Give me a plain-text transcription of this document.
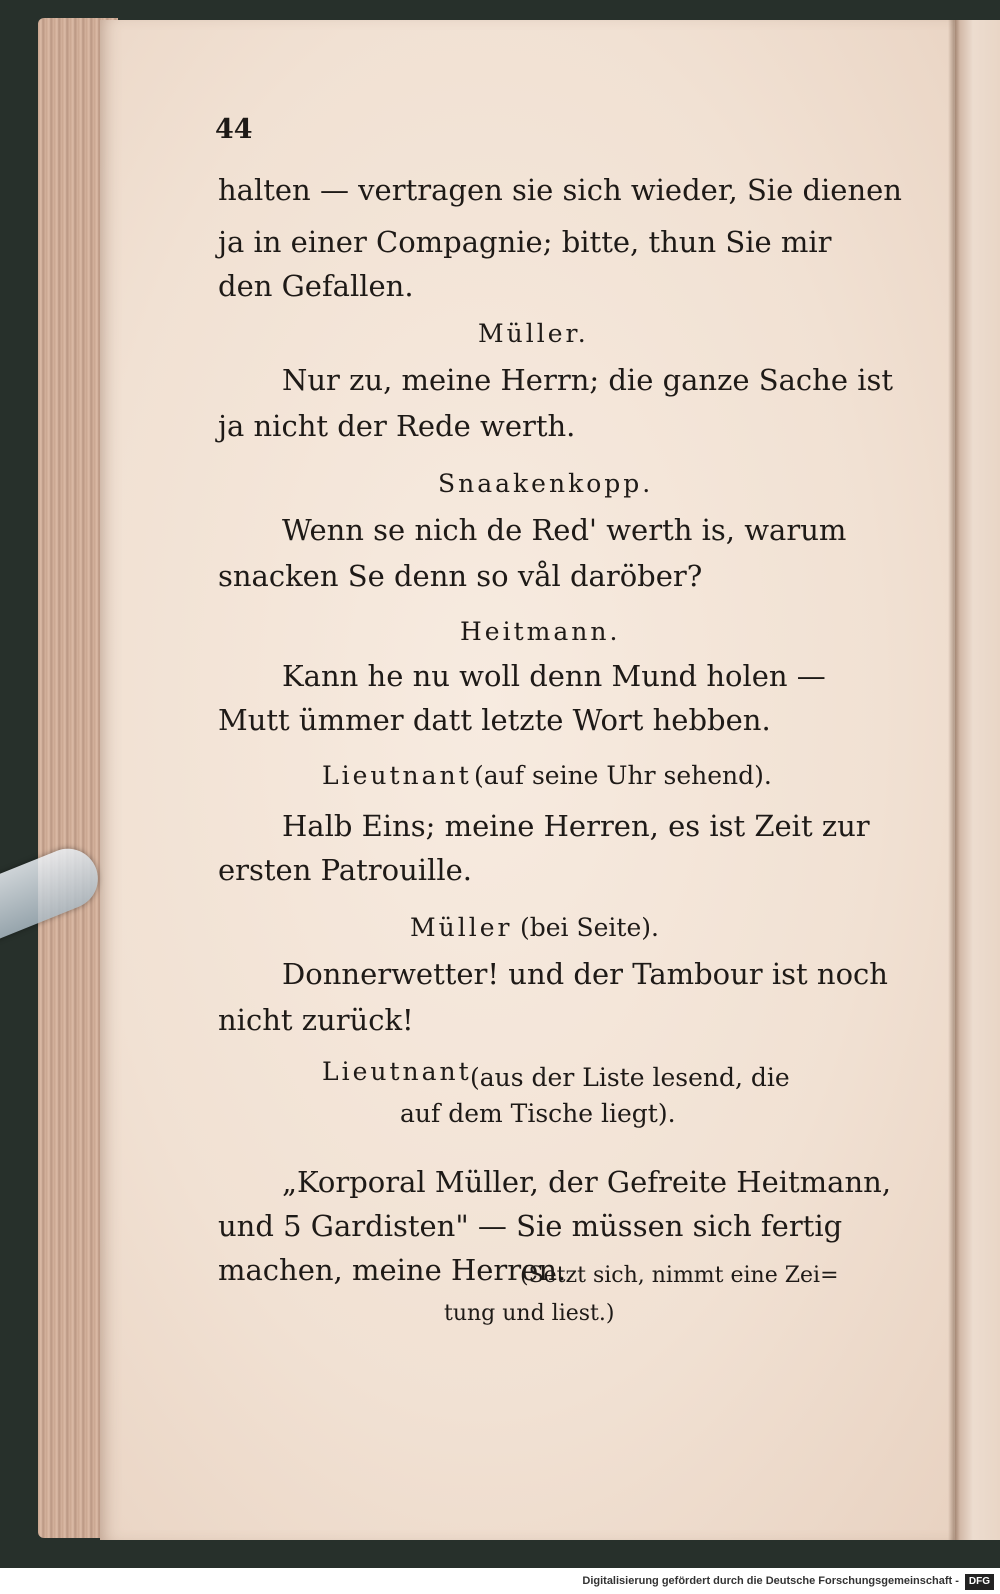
44
halten — vertragen sie sich wieder, Sie dienen
ja in einer Compagnie; bitte, thun Sie mir
den Gefallen.
Müller.
Nur zu, meine Herrn; die ganze Sache ist
ja nicht der Rede werth.
Snaakenkopp.
Wenn se nich de Red' werth is, warum
snacken Se denn so vål daröber?
Heitmann.
Kann he nu woll denn Mund holen —
Mutt ümmer datt letzte Wort hebben.
Lieutnant (auf seine Uhr sehend).
Halb Eins; meine Herren, es ist Zeit zur
ersten Patrouille.
Müller (bei Seite).
Donnerwetter! und der Tambour ist noch
nicht zurück!
Lieutnant
(aus der Liste lesend, die
auf dem Tische liegt).
„Korporal Müller, der Gefreite Heitmann,
und 5 Gardisten" — Sie müssen sich fertig
machen, meine Herren.
(Setzt sich, nimmt eine Zei=
tung und liest.)
Digitalisierung gefördert durch die Deutsche Forschungsgemeinschaft - DFG
